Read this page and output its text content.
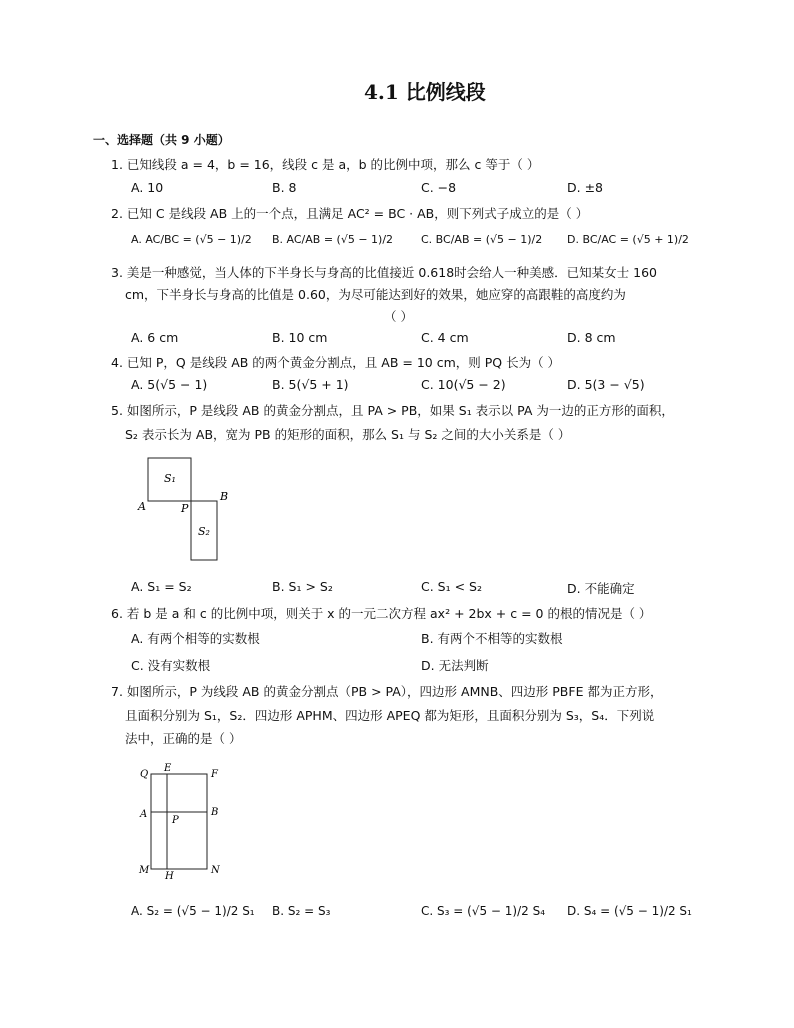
4.1 比例线段
一、选择题（共 9 小题）
1. 已知线段 a = 4，b = 16，线段 c 是 a，b 的比例中项，那么 c 等于（ ）
A. 10	B. 8	C. −8	D. ±8
2. 已知 C 是线段 AB 上的一个点，且满足 AC² = BC · AB，则下列式子成立的是（ ）
A. AC/BC = (√5 − 1)/2 B. AC/AB = (√5 − 1)/2	C. BC/AB = (√5 − 1)/2 D. BC/AC = (√5 + 1)/2
3. 美是一种感觉，当人体的下半身长与身高的比值接近 0.618时会给人一种美感．已知某女士 160
cm，下半身长与身高的比值是 0.60，为尽可能达到好的效果，她应穿的高跟鞋的高度约为
（ ）
A. 6 cm	B. 10 cm	C. 4 cm	D. 8 cm
4. 已知 P，Q 是线段 AB 的两个黄金分割点，且 AB = 10 cm，则 PQ 长为（ ）
A. 5(√5 − 1)	B. 5(√5 + 1)	C. 10(√5 − 2)	D. 5(3 − √5)
5. 如图所示，P 是线段 AB 的黄金分割点，且 PA > PB，如果 S₁ 表示以 PA 为一边的正方形的面积，
S₂ 表示长为 AB，宽为 PB 的矩形的面积，那么 S₁ 与 S₂ 之间的大小关系是（ ）
S₁
S₂
A
B
P
A. S₁ = S₂	B. S₁ > S₂	C. S₁ < S₂	D. 不能确定
6. 若 b 是 a 和 c 的比例中项，则关于 x 的一元二次方程 ax² + 2bx + c = 0 的根的情况是（ ）
A. 有两个相等的实数根	B. 有两个不相等的实数根
C. 没有实数根	D. 无法判断
7. 如图所示，P 为线段 AB 的黄金分割点（PB > PA），四边形 AMNB、四边形 PBFE 都为正方形，
且面积分别为 S₁，S₂．四边形 APHM、四边形 APEQ 都为矩形，且面积分别为 S₃，S₄．下列说
法中，正确的是（ ）
Q
E
F
A	B
P
M
H
N
A. S₂ = (√5 − 1)/2 S₁ B. S₂ = S₃	C. S₃ = (√5 − 1)/2 S₄ D. S₄ = (√5 − 1)/2 S₁
